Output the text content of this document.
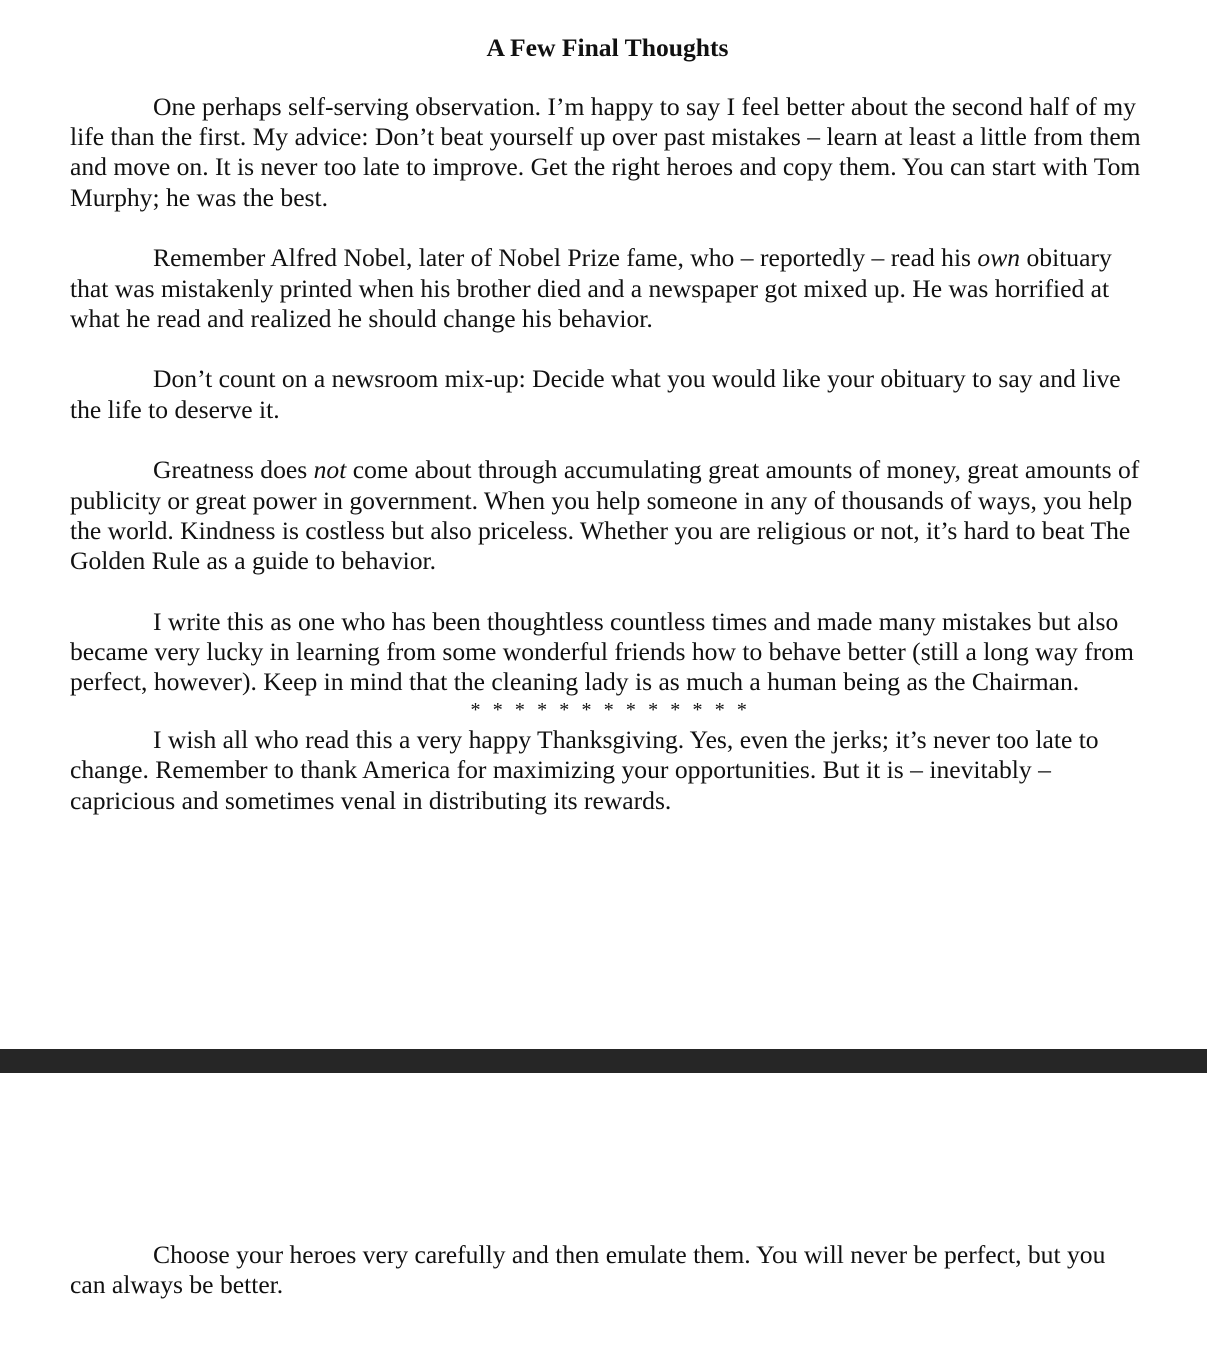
A Few Final Thoughts

One perhaps self-serving observation. I’m happy to say I feel better about the second half of my life than the first. My advice: Don’t beat yourself up over past mistakes – learn at least a little from them and move on. It is never too late to improve. Get the right heroes and copy them. You can start with Tom Murphy; he was the best.

Remember Alfred Nobel, later of Nobel Prize fame, who – reportedly – read his own obituary that was mistakenly printed when his brother died and a newspaper got mixed up. He was horrified at what he read and realized he should change his behavior.

Don’t count on a newsroom mix-up: Decide what you would like your obituary to say and live the life to deserve it.

Greatness does not come about through accumulating great amounts of money, great amounts of publicity or great power in government. When you help someone in any of thousands of ways, you help the world. Kindness is costless but also priceless. Whether you are religious or not, it’s hard to beat The Golden Rule as a guide to behavior.

I write this as one who has been thoughtless countless times and made many mistakes but also became very lucky in learning from some wonderful friends how to behave better (still a long way from perfect, however). Keep in mind that the cleaning lady is as much a human being as the Chairman.

* * * * * * * * * * * * *

I wish all who read this a very happy Thanksgiving. Yes, even the jerks; it’s never too late to change. Remember to thank America for maximizing your opportunities. But it is – inevitably – capricious and sometimes venal in distributing its rewards.

Choose your heroes very carefully and then emulate them. You will never be perfect, but you can always be better.
